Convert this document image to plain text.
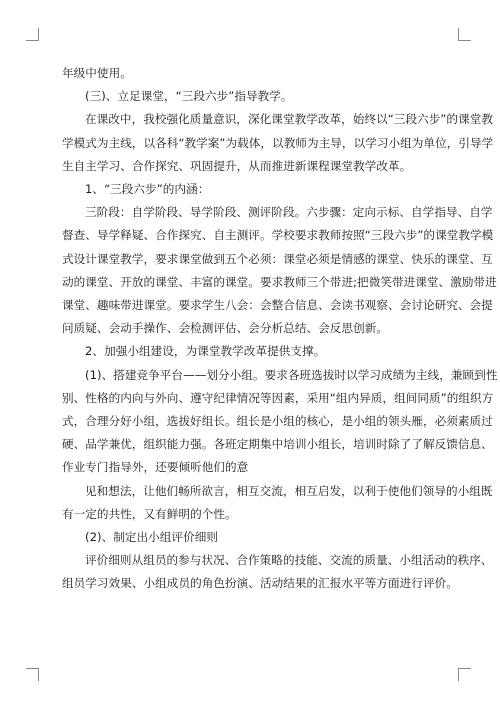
年级中使用。

(三)、立足课堂，“三段六步”指导教学。

在课改中，我校强化质量意识，深化课堂教学改革，始终以“三段六步”的课堂教

学模式为主线，以各科“教学案”为载体，以教师为主导，以学习小组为单位，引导学

生自主学习、合作探究、巩固提升，从而推进新课程课堂教学改革。

1、“三段六步”的内涵：

三阶段：自学阶段、导学阶段、测评阶段。六步骤：定向示标、自学指导、自学

督查、导学释疑、合作探究、自主测评。学校要求教师按照“三段六步”的课堂教学模

式设计课堂教学，要求课堂做到五个必须：课堂必须是情感的课堂、快乐的课堂、互

动的课堂、开放的课堂、丰富的课堂。要求教师三个带进;把微笑带进课堂、激励带进

课堂、趣味带进课堂。要求学生八会：会整合信息、会读书观察、会讨论研究、会提

问质疑、会动手操作、会检测评估、会分析总结、会反思创新。

2、加强小组建设，为课堂教学改革提供支撑。

(1)、搭建竞争平台——划分小组。要求各班选拔时以学习成绩为主线，兼顾到性

别、性格的内向与外向、遵守纪律情况等因素，采用“组内异质，组间同质”的组织方

式，合理分好小组，选拔好组长。组长是小组的核心，是小组的领头雁，必须素质过

硬、品学兼优，组织能力强。各班定期集中培训小组长，培训时除了了解反馈信息、

作业专门指导外，还要倾听他们的意

见和想法，让他们畅所欲言，相互交流，相互启发，以利于使他们领导的小组既

有一定的共性，又有鲜明的个性。

(2)、制定出小组评价细则

评价细则从组员的参与状况、合作策略的技能、交流的质量、小组活动的秩序、

组员学习效果、小组成员的角色扮演、活动结果的汇报水平等方面进行评价。
